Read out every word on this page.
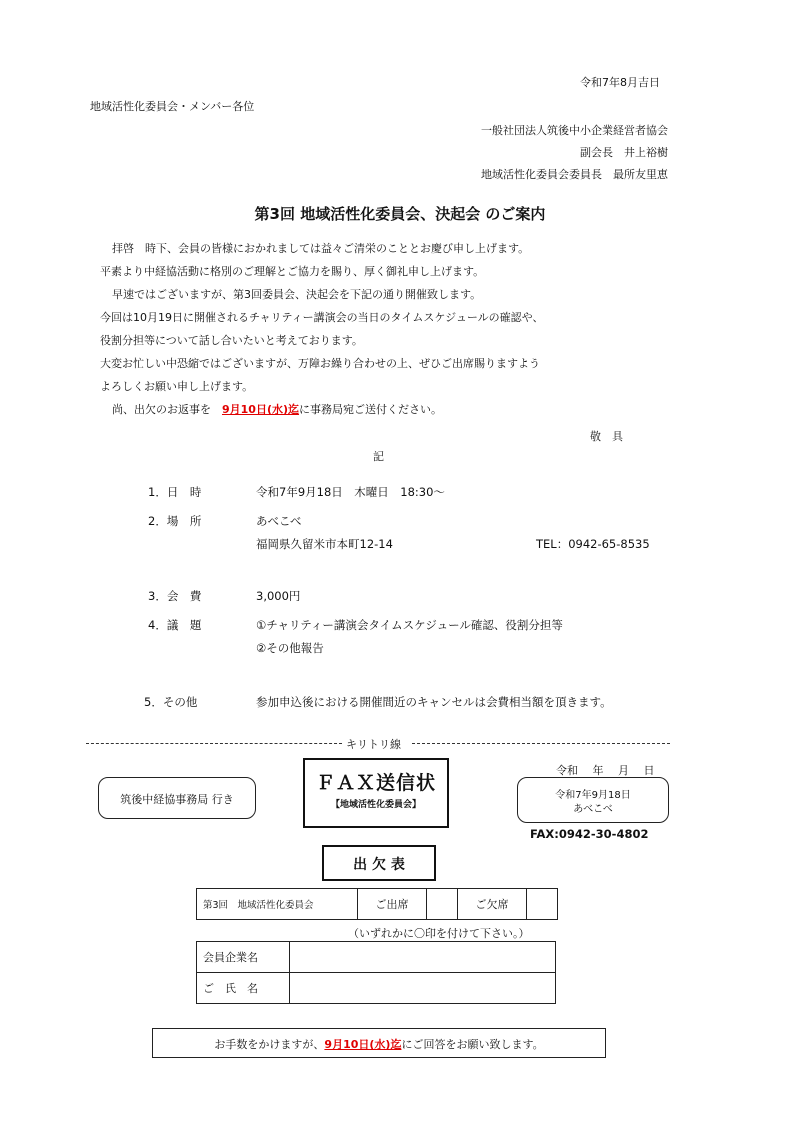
令和7年8月吉日
地域活性化委員会・メンバー各位
一般社団法人筑後中小企業経営者協会
副会長　井上裕樹
地域活性化委員会委員長　最所友里恵
第3回 地域活性化委員会、決起会 のご案内
拝啓　時下、会員の皆様におかれましては益々ご清栄のこととお慶び申し上げます。
平素より中経協活動に格別のご理解とご協力を賜り、厚く御礼申し上げます。
早速ではございますが、第3回委員会、決起会を下記の通り開催致します。
今回は10月19日に開催されるチャリティー講演会の当日のタイムスケジュールの確認や、
役割分担等について話し合いたいと考えております。
大変お忙しい中恐縮ではございますが、万障お繰り合わせの上、ぜひご出席賜りますよう
よろしくお願い申し上げます。
尚、出欠のお返事を　9月10日(水)迄に事務局宛ご送付ください。
敬　具
記
1．日　時	令和7年9月18日　木曜日　18:30～
2．場　所	あべこべ
福岡県久留米市本町12-14	TEL：0942-65-8535
3．会　費	3,000円
4．議　題	①チャリティー講演会タイムスケジュール確認、役割分担等
②その他報告
5．その他	参加申込後における開催間近のキャンセルは会費相当額を頂きます。
キリトリ線
筑後中経協事務局 行き
ＦＡＸ送信状
【地域活性化委員会】
令和　 年　 月　 日
令和7年9月18日
あべこべ
FAX:0942-30-4802
出 欠 表
第3回　地域活性化委員会	ご出席		ご欠席	
（いずれかに〇印を付けて下さい。）
会員企業名	
ご　氏　名	
お手数をかけますが、9月10日(水)迄にご回答をお願い致します。
